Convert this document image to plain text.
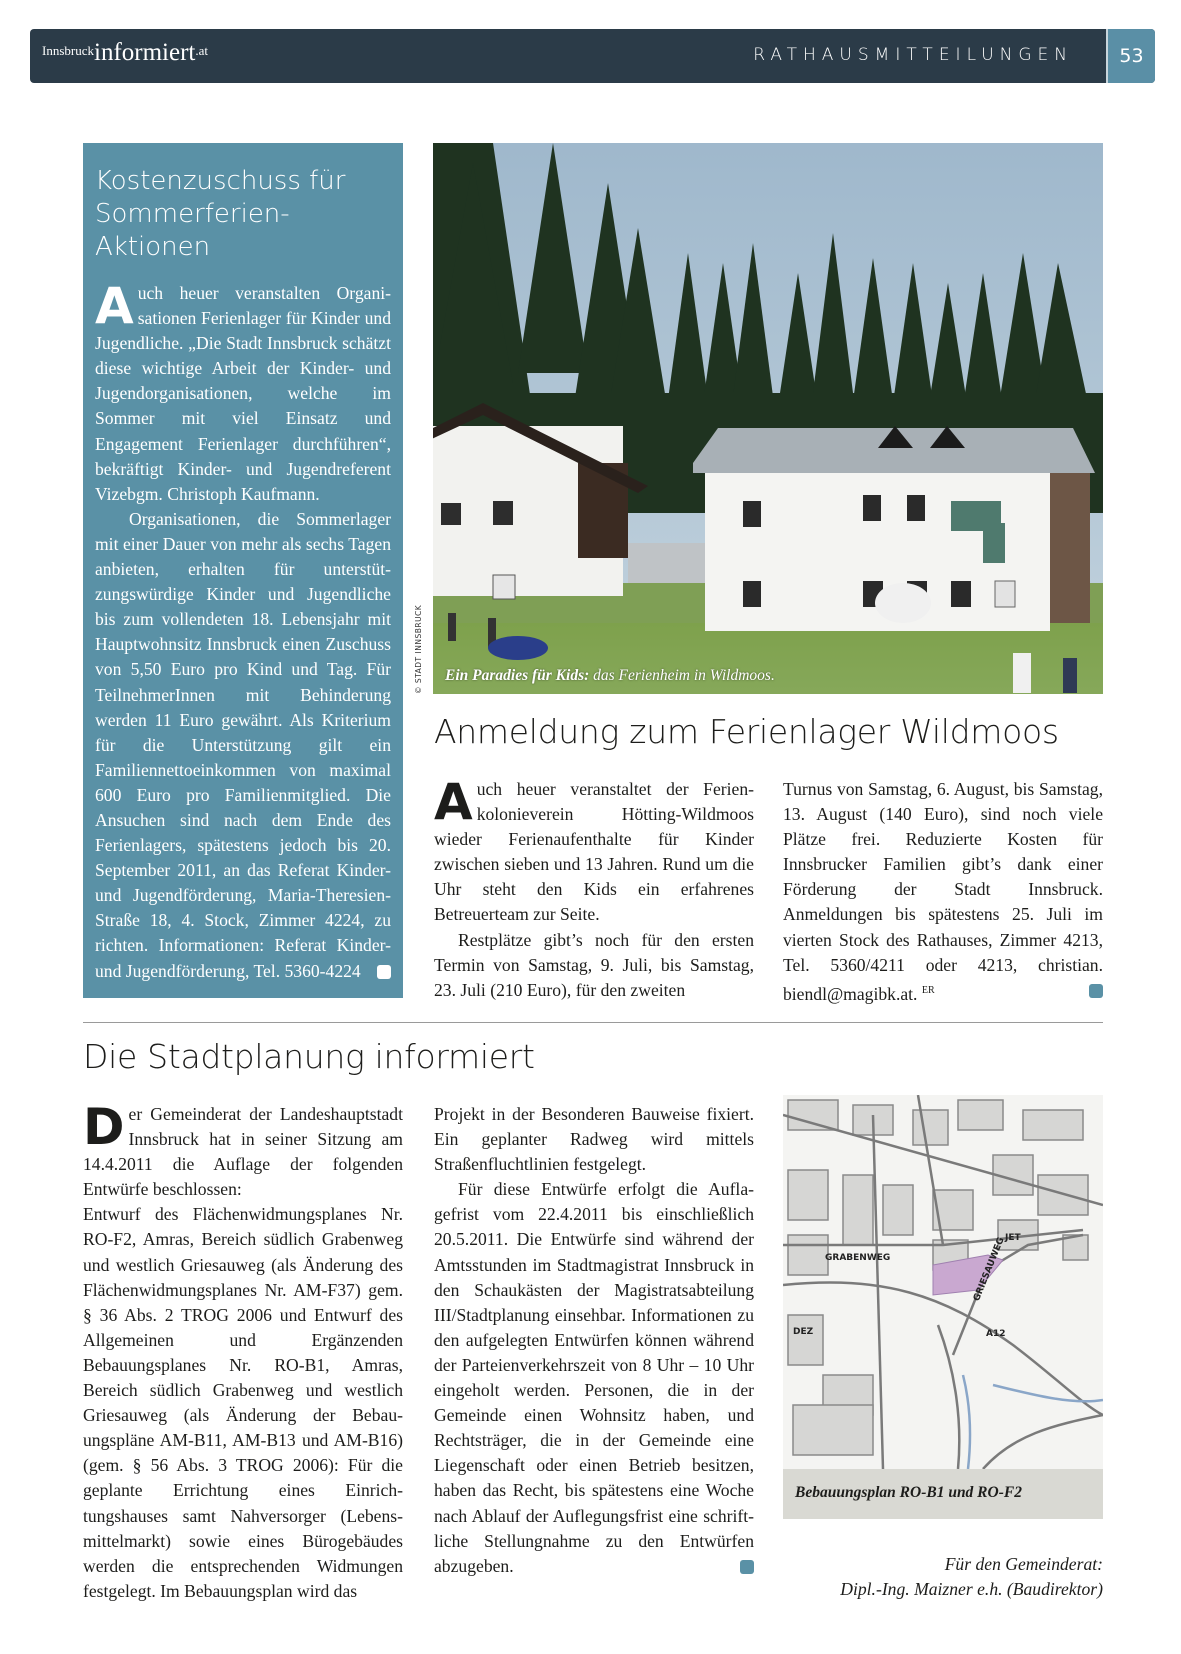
$^{Innsbruck}$informiert$^{.at}$	RATHAUSMITTEILUNGEN	53
Kostenzuschuss für Sommerferien-Aktionen

Auch heuer veranstalten Organisationen Ferienlager für Kinder und Jugendliche. „Die Stadt Innsbruck schätzt diese wichtige Arbeit der Kinder- und Jugendorganisationen, welche im Sommer mit viel Einsatz und Engagement Ferienlager durchführen“, bekräftigt Kinder- und Jugendreferent Vizebgm. Christoph Kaufmann.

Organisationen, die Sommerlager mit einer Dauer von mehr als sechs Tagen anbieten, erhalten für unterstützungswürdige Kinder und Jugendliche bis zum vollendeten 18. Lebensjahr mit Hauptwohnsitz Innsbruck einen Zuschuss von 5,50 Euro pro Kind und Tag. Für TeilnehmerInnen mit Behinderung werden 11 Euro gewährt. Als Kriterium für die Unterstützung gilt ein Familiennettoeinkommen von maximal 600 Euro pro Familienmitglied. Die Ansuchen sind nach dem Ende des Ferienlagers, spätestens jedoch bis 20. September 2011, an das Referat Kinder- und Jugendförderung, Maria-Theresien-Straße 18, 4. Stock, Zimmer 4224, zu richten. Informationen: Referat Kinder- und Jugendförderung, Tel. 5360-4224

Ein Paradies für Kids: das Ferienheim in Wildmoos.
© STADT INNSBRUCK
Anmeldung zum Ferienlager Wildmoos

Auch heuer veranstaltet der Ferienkolonieverein Hötting-Wildmoos wieder Ferienaufenthalte für Kinder zwischen sieben und 13 Jahren. Rund um die Uhr steht den Kids ein erfahrenes Betreuerteam zur Seite.

Restplätze gibt’s noch für den ersten Termin von Samstag, 9. Juli, bis Samstag, 23. Juli (210 Euro), für den zweiten

Turnus von Samstag, 6. August, bis Samstag, 13. August (140 Euro), sind noch viele Plätze frei. Reduzierte Kosten für Innsbrucker Familien gibt’s dank einer Förderung der Stadt Innsbruck. Anmeldungen bis spätestens 25. Juli im vierten Stock des Rathauses, Zimmer 4213, Tel. 5360/4211 oder 4213, christian. biendl@magibk.at. $^{ER}$

Die Stadtplanung informiert

Der Gemeinderat der Landeshauptstadt Innsbruck hat in seiner Sitzung am 14.4.2011 die Auflage der folgenden Entwürfe beschlossen:

Entwurf des Flächenwidmungsplanes Nr. RO-F2, Amras, Bereich südlich Grabenweg und westlich Griesauweg (als Änderung des Flächenwidmungsplanes Nr. AM-F37) gem. § 36 Abs. 2 TROG 2006 und Entwurf des Allgemeinen und Ergänzenden Bebauungsplanes Nr. RO-B1, Amras, Bereich südlich Grabenweg und westlich Griesauweg (als Änderung der Bebauungspläne AM-B11, AM-B13 und AM-B16) (gem. § 56 Abs. 3 TROG 2006): Für die geplante Errichtung eines Einrichtungshauses samt Nahversorger (Lebensmittelmarkt) sowie eines Bürogebäudes werden die entsprechenden Widmungen festgelegt. Im Bebauungsplan wird das

Projekt in der Besonderen Bauweise fixiert. Ein geplanter Radweg wird mittels Straßenfluchtlinien festgelegt.

Für diese Entwürfe erfolgt die Auflagefrist vom 22.4.2011 bis einschließlich 20.5.2011. Die Entwürfe sind während der Amtsstunden im Stadtmagistrat Innsbruck in den Schaukästen der Magistratsabteilung III/Stadtplanung einsehbar. Informationen zu den aufgelegten Entwürfen können während der Parteienverkehrszeit von 8 Uhr – 10 Uhr eingeholt werden. Personen, die in der Gemeinde einen Wohnsitz haben, und Rechtsträger, die in der Gemeinde eine Liegenschaft oder einen Betrieb besitzen, haben das Recht, bis spätestens eine Woche nach Ablauf der Auflegungsfrist eine schriftliche Stellungnahme zu den Entwürfen abzugeben.

GRABENWEG	GRIESAUWEG
JET
DEZ	A12
Bebauungsplan RO-B1 und RO-F2
Für den Gemeinderat:
Dipl.-Ing. Maizner e.h. (Baudirektor)
